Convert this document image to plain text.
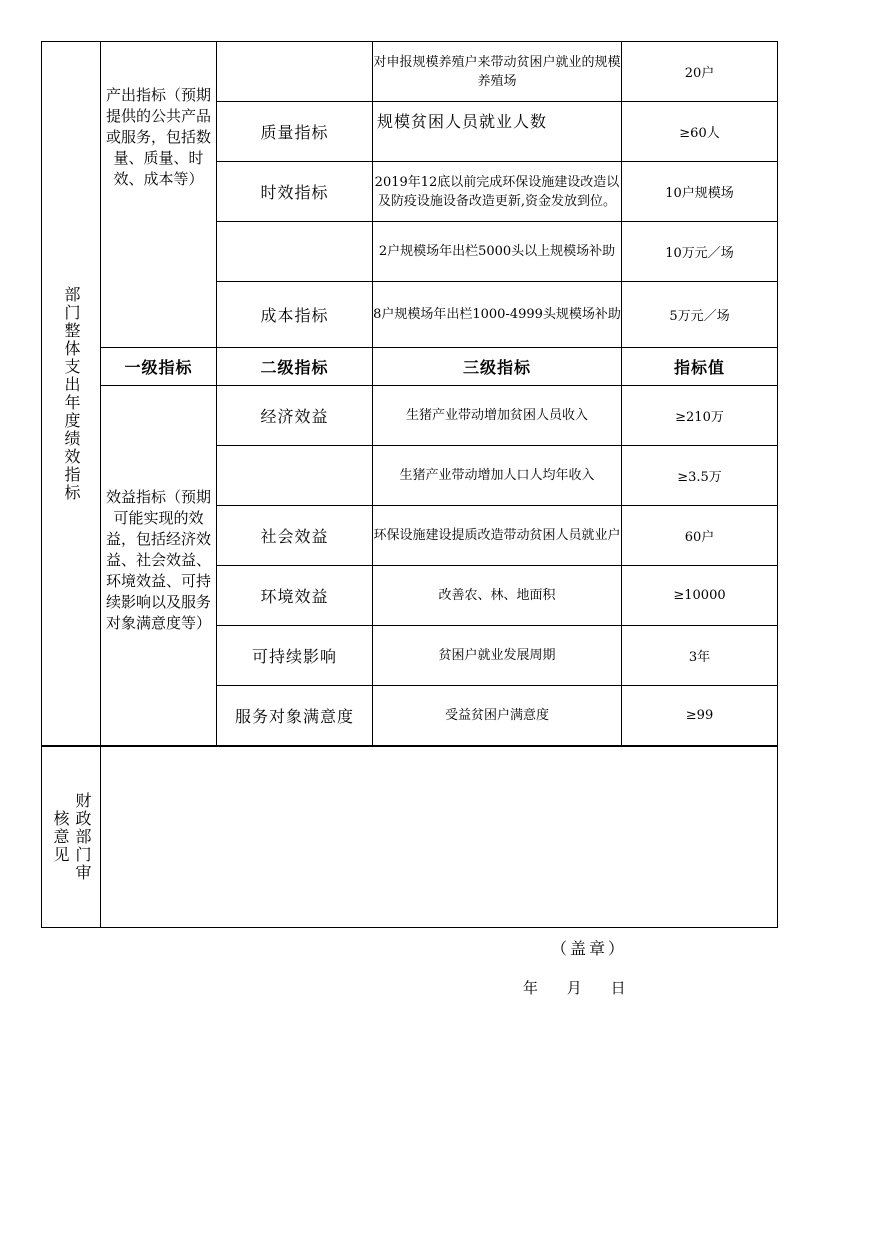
部门整体支出年度绩效指标	产出指标（预期提供的公共产品或服务，包括数量、质量、时效、成本等）		对申报规模养殖户来带动贫困户就业的规模养殖场	20户
		质量指标	规模贫困人员就业人数	≥60人
		时效指标	2019年12底以前完成环保设施建设改造以及防疫设施设备改造更新,资金发放到位。	10户规模场
			2户规模场年出栏5000头以上规模场补助	10万元／场
		成本指标	8户规模场年出栏1000-4999头规模场补助	5万元／场
	一级指标	二级指标	三级指标	指标值

	效益指标（预期可能实现的效益，包括经济效益、社会效益、环境效益、可持续影响以及服务对象满意度等）	经济效益	生猪产业带动增加贫困人员收入	≥210万
			生猪产业带动增加人口人均年收入	≥3.5万
		社会效益	环保设施建设提质改造带动贫困人员就业户	60户
		环境效益	改善农、林、地面积	≥10000
		可持续影响	贫困户就业发展周期	3年
		服务对象满意度	受益贫困户满意度	≥99
财政部门审核意见

（盖章）
年 月 日
